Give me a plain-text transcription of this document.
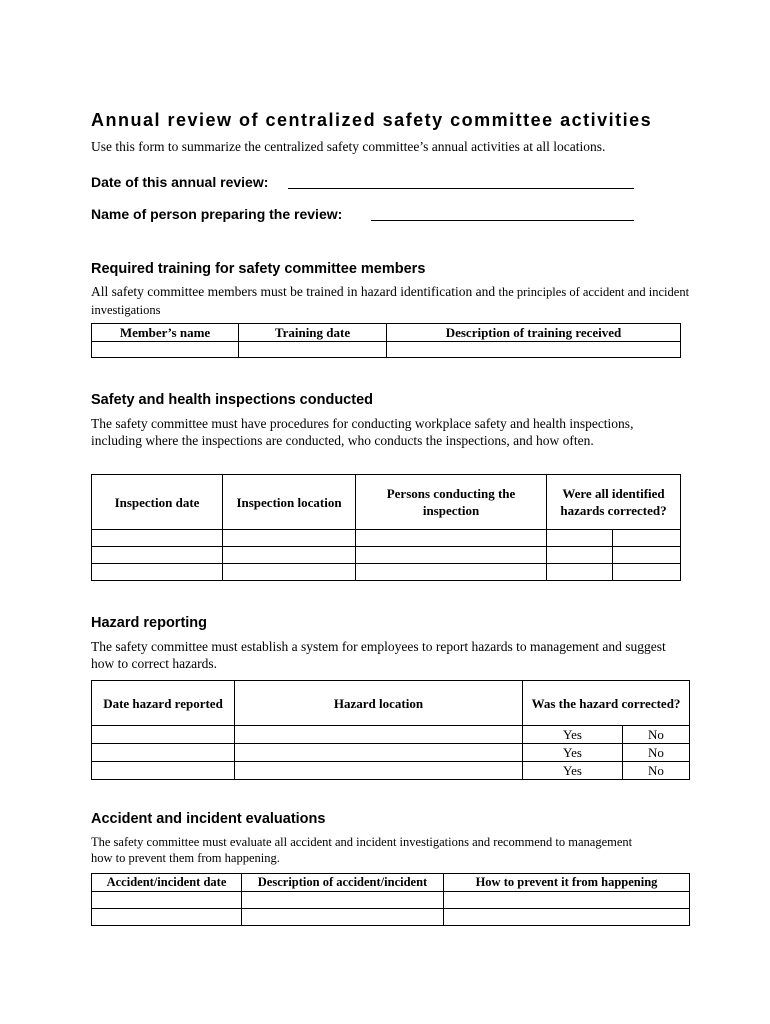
Annual review of centralized safety committee activities
Use this form to summarize the centralized safety committee’s annual activities at all locations.
Date of this annual review:
Name of person preparing the review:
Required training for safety committee members
All safety committee members must be trained in hazard identification and the principles of accident and incident investigations
Member’s name	Training date	Description of training received

Safety and health inspections conducted
The safety committee must have procedures for conducting workplace safety and health inspections, including where the inspections are conducted, who conducts the inspections, and how often.
Inspection date	Inspection location	Persons conducting the inspection	Were all identified hazards corrected?	

Hazard reporting
The safety committee must establish a system for employees to report hazards to management and suggest how to correct hazards.
Date hazard reported	Hazard location	Was the hazard corrected?	
		Yes	No
		Yes	No
		Yes	No
Accident and incident evaluations
The safety committee must evaluate all accident and incident investigations and recommend to management how to prevent them from happening.
Accident/incident date	Description of accident/incident	How to prevent it from happening
